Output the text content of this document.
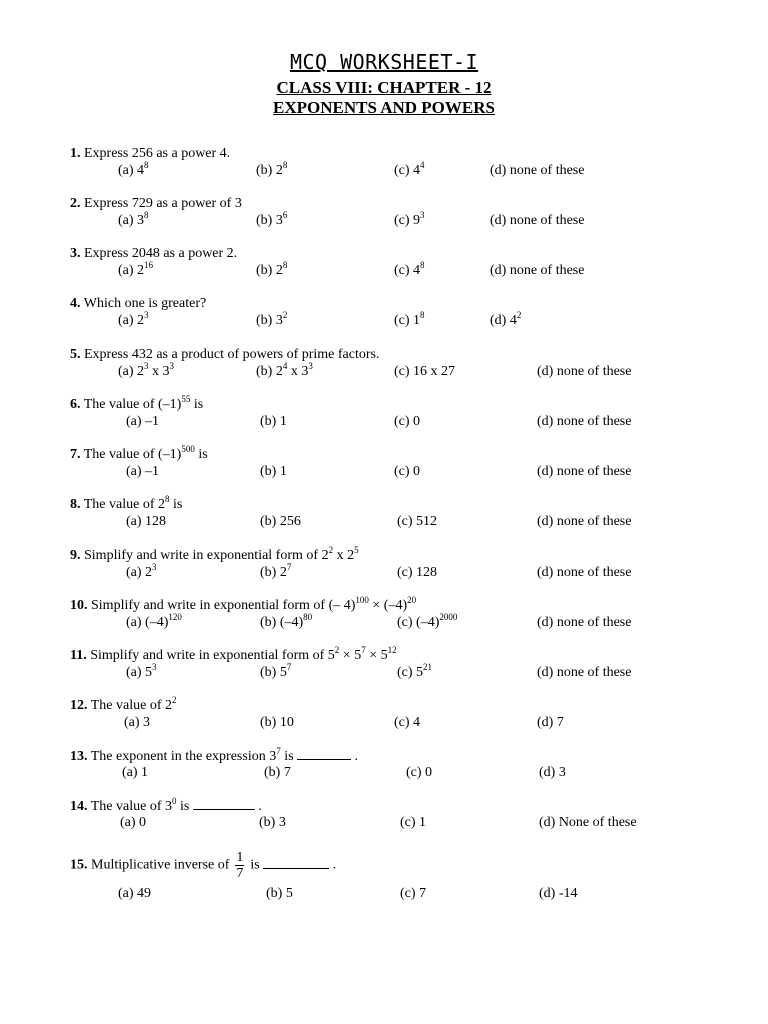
MCQ WORKSHEET-I
CLASS VIII: CHAPTER - 12
EXPONENTS AND POWERS
1. Express 256 as a power 4.
(a) $4^8$	(b) $2^8$	(c) $4^4$	(d) none of these
2. Express 729 as a power of 3
(a) $3^8$	(b) $3^6$	(c) $9^3$	(d) none of these
3. Express 2048 as a power 2.
(a) $2^{16}$	(b) $2^8$	(c) $4^8$	(d) none of these
4. Which one is greater?
(a) $2^3$	(b) $3^2$	(c) $1^8$	(d) $4^2$
5. Express 432 as a product of powers of prime factors.
(a) $2^3$ x $3^3$	(b) $2^4$ x $3^3$	(c) 16 x 27	(d) none of these
6. The value of $(-1)^{55}$ is
(a) –1	(b) 1	(c) 0	(d) none of these
7. The value of $(-1)^{500}$ is
(a) –1	(b) 1	(c) 0	(d) none of these
8. The value of $2^8$ is
(a) 128	(b) 256	(c) 512	(d) none of these
9. Simplify and write in exponential form of $2^2$ x $2^5$
(a) $2^3$	(b) $2^7$	(c) 128	(d) none of these
10. Simplify and write in exponential form of (– $4)^{100} \times (-4)^{20}$
(a) $(-4)^{120}$	(b) $(-4)^{80}$	(c) $(-4)^{2000}$	(d) none of these
11. Simplify and write in exponential form of $5^2 \times 5^7 \times 5^{12}$
(a) $5^3$	(b) $5^7$	(c) $5^{21}$	(d) none of these
12. The value of $2^2$
(a) 3	(b) 10	(c) 4	(d) 7
13. The exponent in the expression $3^7$ is	.
(a) 1	(b) 7	(c) 0	(d) 3
14. The value of $3^0$ is	.
(a) 0	(b) 3	(c) 1	(d) None of these
15. Multiplicative inverse of $\frac{1}{7}$ is	.
(a) 49	(b) 5	(c) 7	(d) -14
